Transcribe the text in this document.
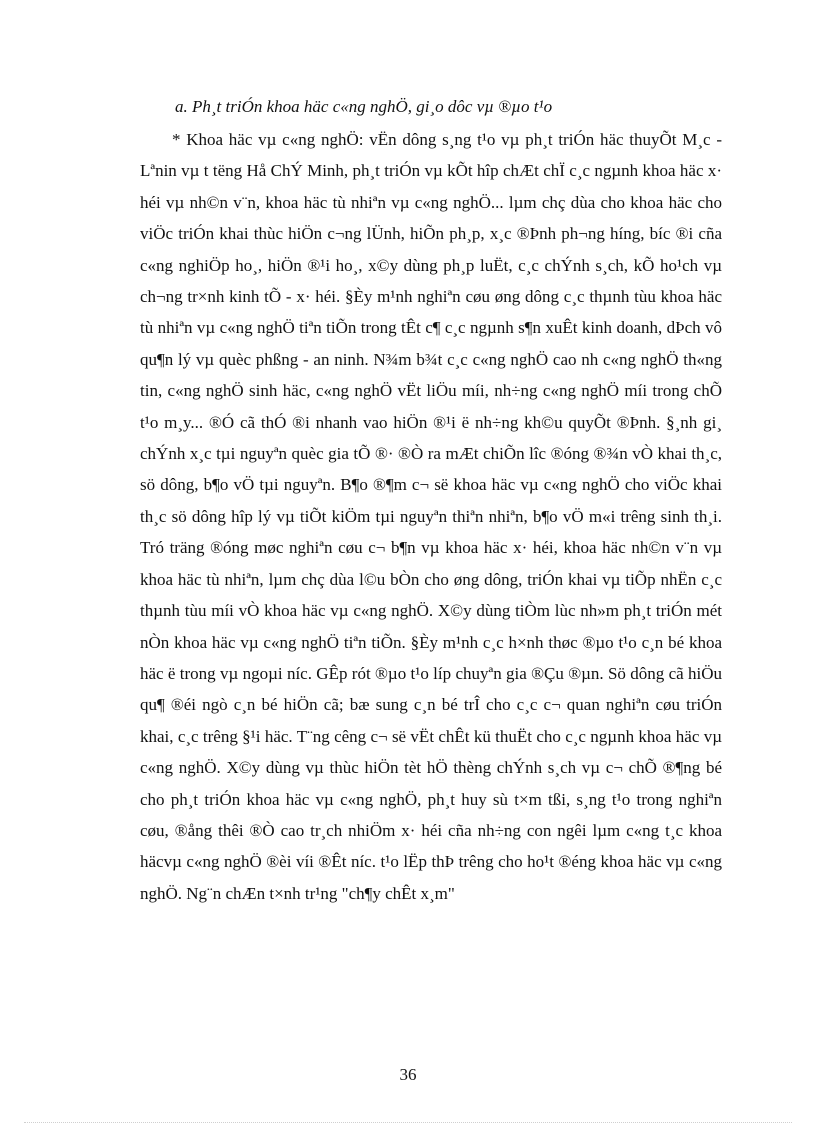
a. Ph¸t triÓn khoa häc c«ng nghÖ, gi¸o dôc vµ ®µo t¹o

* Khoa häc vµ c«ng nghÖ: vËn dông s¸ng t¹o vµ ph¸t triÓn häc thuyÕt M¸c - Lªnin vµ t tëng Hå ChÝ Minh, ph¸t triÓn vµ kÕt hîp chÆt chÏ c¸c ngµnh khoa häc x· héi vµ nh©n v¨n, khoa häc tù nhiªn vµ c«ng nghÖ... lµm chç dùa cho khoa häc cho viÖc triÓn khai thùc hiÖn c¬ng lÜnh, hiÕn ph¸p, x¸c ®Þnh ph¬ng híng, bíc ®i cña c«ng nghiÖp ho¸, hiÖn ®¹i ho¸, x©y dùng ph¸p luËt, c¸c chÝnh s¸ch, kÕ ho¹ch vµ ch¬ng tr×nh kinh tÕ - x· héi. §Èy m¹nh nghiªn cøu øng dông c¸c thµnh tùu khoa häc tù nhiªn vµ c«ng nghÖ tiªn tiÕn trong tÊt c¶ c¸c ngµnh s¶n xuÊt kinh doanh, dÞch vô qu¶n lý vµ quèc phßng - an ninh. N¾m b¾t c¸c c«ng nghÖ cao nh c«ng nghÖ th«ng tin, c«ng nghÖ sinh häc, c«ng nghÖ vËt liÖu míi, nh÷ng c«ng nghÖ míi trong chÕ t¹o m¸y... ®Ó cã thÓ ®i nhanh vao hiÖn ®¹i ë nh÷ng kh©u quyÕt ®Þnh. §¸nh gi¸ chÝnh x¸c tµi nguyªn quèc gia tÕ ®· ®Ò ra mÆt chiÕn lîc ®óng ®¾n vÒ khai th¸c, sö dông, b¶o vÖ tµi nguyªn. B¶o ®¶m c¬ së khoa häc vµ c«ng nghÖ cho viÖc khai th¸c sö dông hîp lý vµ tiÕt kiÖm tµi nguyªn thiªn nhiªn, b¶o vÖ m«i trêng sinh th¸i. Tró träng ®óng møc nghiªn cøu c¬ b¶n vµ khoa häc x· héi, khoa häc nh©n v¨n vµ khoa häc tù nhiªn, lµm chç dùa l©u bÒn cho øng dông, triÓn khai vµ tiÕp nhËn c¸c thµnh tùu míi vÒ khoa häc vµ c«ng nghÖ. X©y dùng tiÒm lùc nh»m ph¸t triÓn mét nÒn khoa häc vµ c«ng nghÖ tiªn tiÕn. §Èy m¹nh c¸c h×nh thøc ®µo t¹o c¸n bé khoa häc ë trong vµ ngoµi níc. GÊp rót ®µo t¹o líp chuyªn gia ®Çu ®µn. Sö dông cã hiÖu qu¶ ®éi ngò c¸n bé hiÖn cã; bæ sung c¸n bé trÎ cho c¸c c¬ quan nghiªn cøu triÓn khai, c¸c trêng §¹i häc. T¨ng cêng c¬ së vËt chÊt kü thuËt cho c¸c ngµnh khoa häc vµ c«ng nghÖ. X©y dùng vµ thùc hiÖn tèt hÖ thèng chÝnh s¸ch vµ c¬ chÕ ®¶ng bé cho ph¸t triÓn khoa häc vµ c«ng nghÖ, ph¸t huy sù t×m tßi, s¸ng t¹o trong nghiªn cøu, ®ång thêi ®Ò cao tr¸ch nhiÖm x· héi cña nh÷ng con ngêi lµm c«ng t¸c khoa häcvµ c«ng nghÖ ®èi víi ®Êt níc. t¹o lËp thÞ trêng cho ho¹t ®éng khoa häc vµ c«ng nghÖ. Ng¨n chÆn t×nh tr¹ng "ch¶y chÊt x¸m"

36
